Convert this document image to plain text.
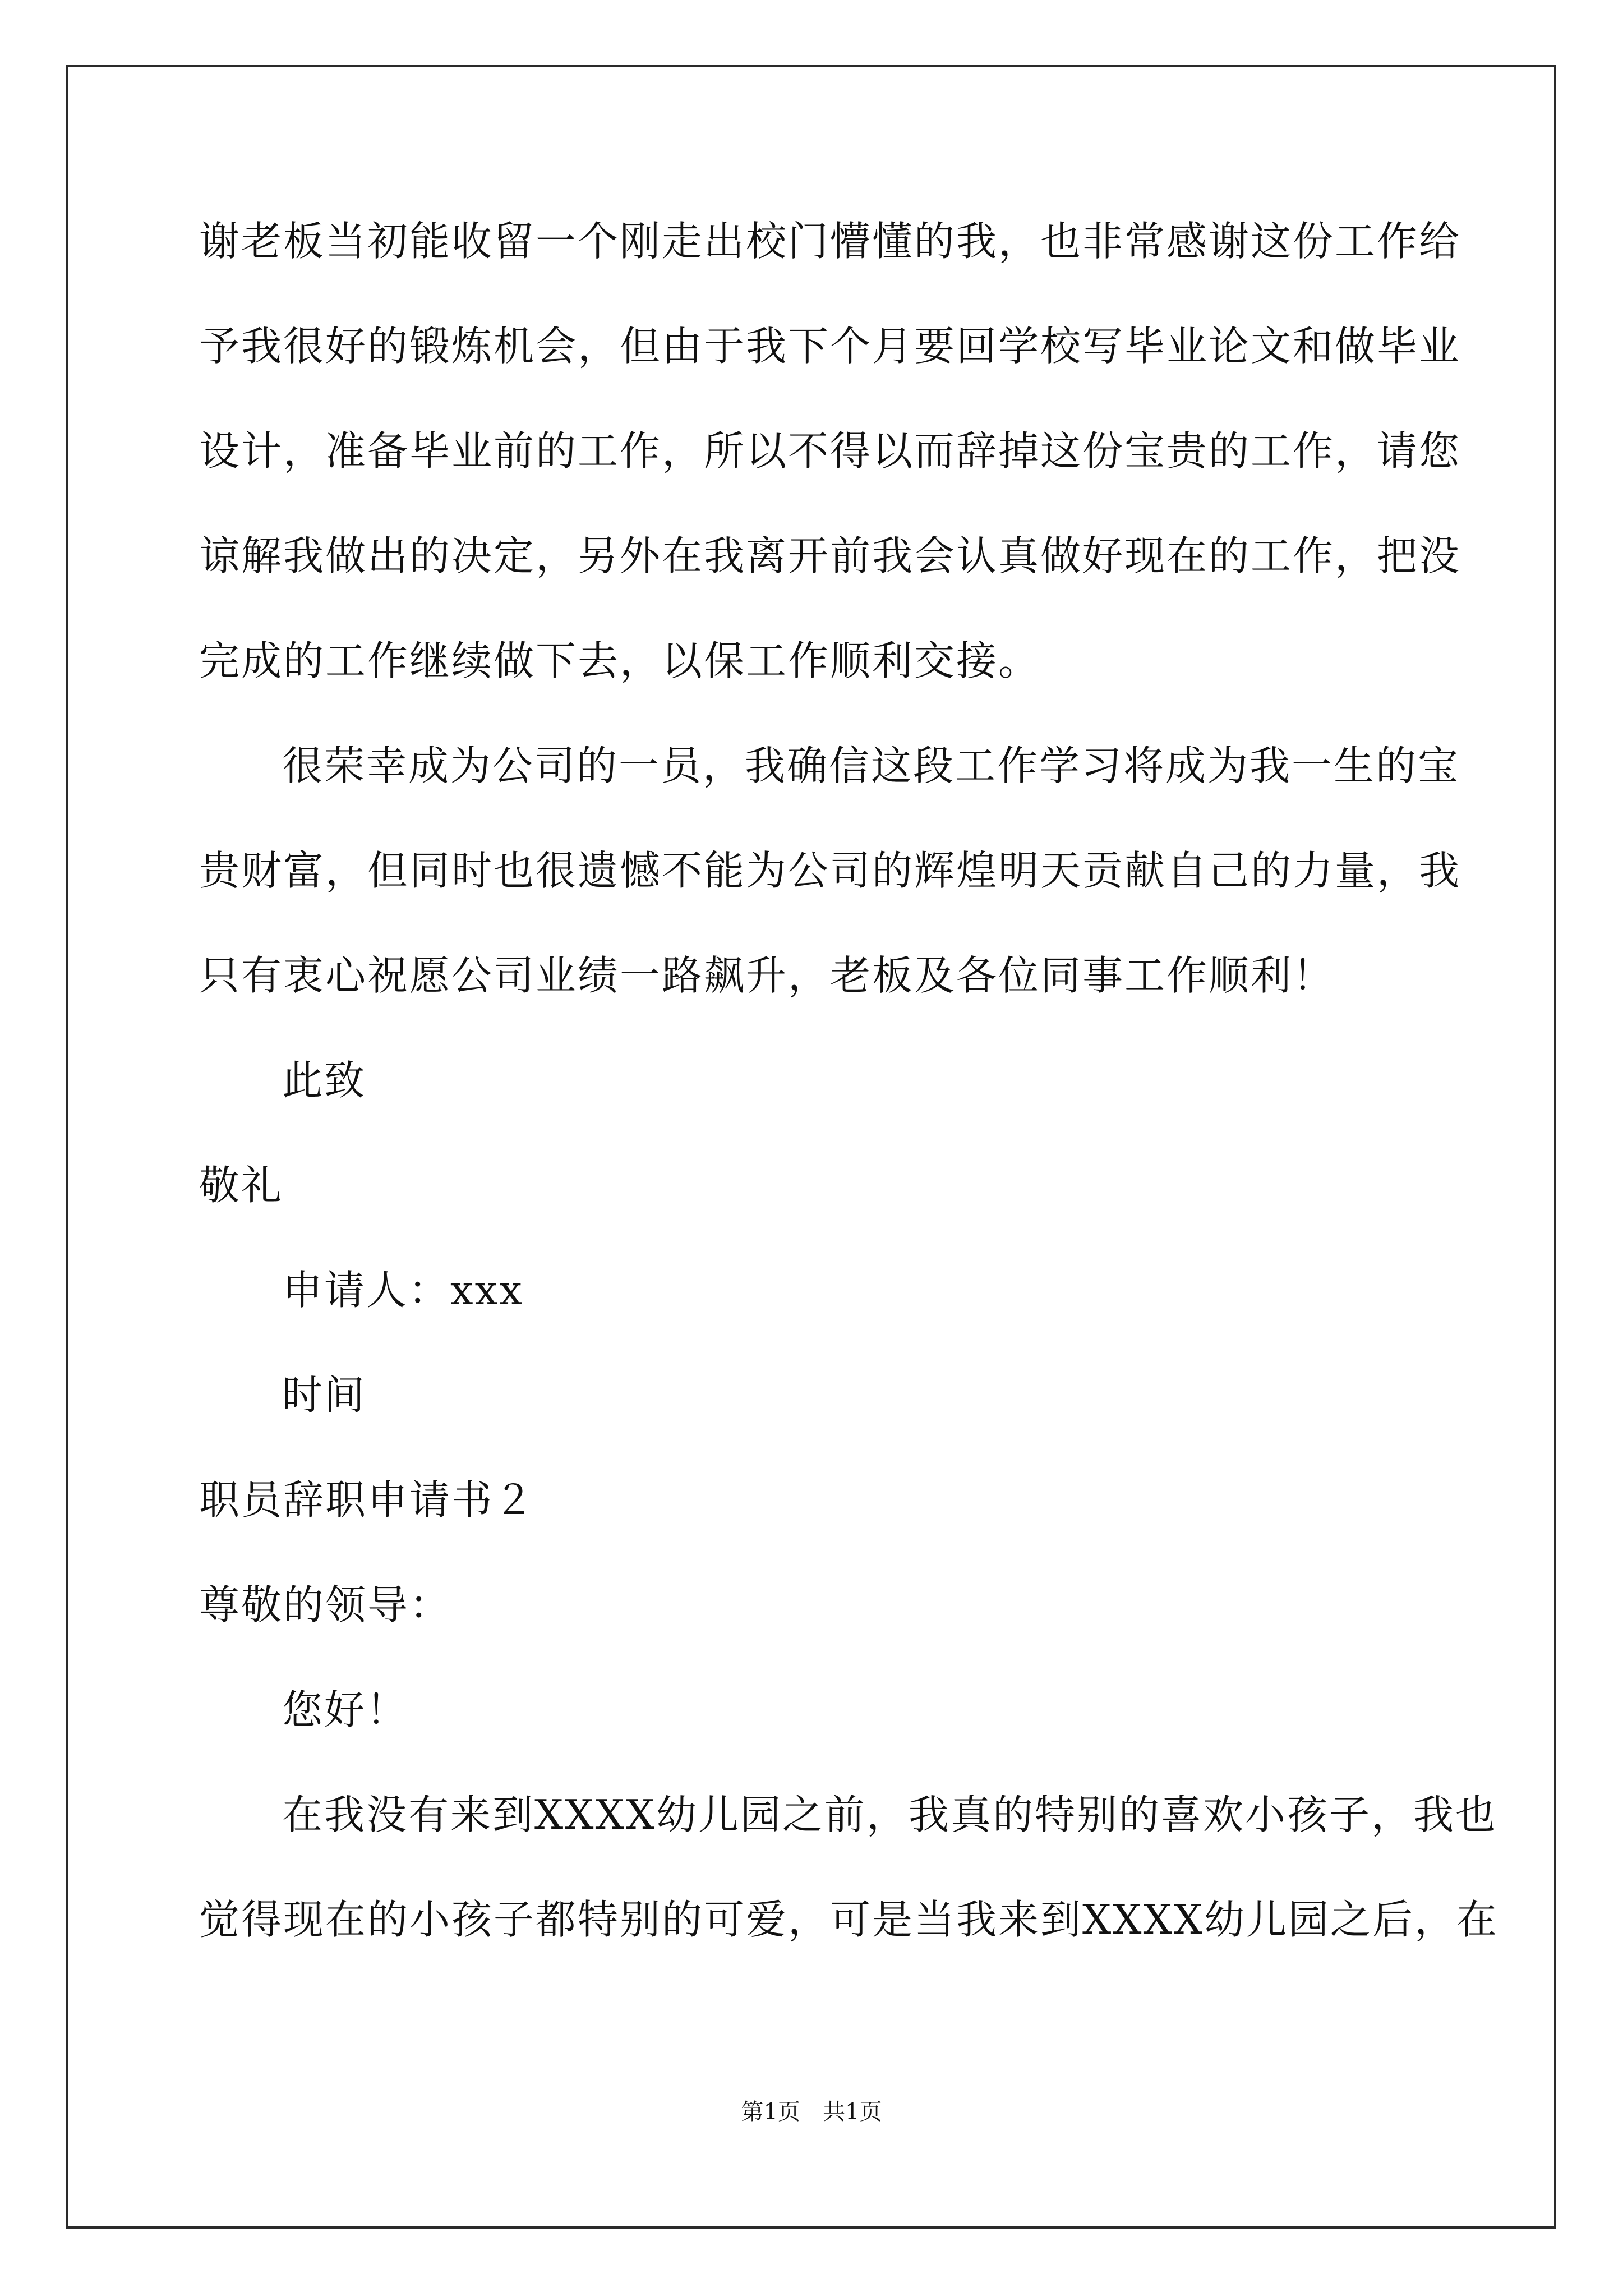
谢老板当初能收留一个刚走出校门懵懂的我，也非常感谢这份工作给
予我很好的锻炼机会，但由于我下个月要回学校写毕业论文和做毕业
设计，准备毕业前的工作，所以不得以而辞掉这份宝贵的工作，请您
谅解我做出的决定，另外在我离开前我会认真做好现在的工作，把没
完成的工作继续做下去，以保工作顺利交接。
很荣幸成为公司的一员，我确信这段工作学习将成为我一生的宝
贵财富，但同时也很遗憾不能为公司的辉煌明天贡献自己的力量，我
只有衷心祝愿公司业绩一路飙升，老板及各位同事工作顺利！
此致
敬礼
申请人：xxx
时间
职员辞职申请书２
尊敬的领导：
您好！
在我没有来到XXXX幼儿园之前，我真的特别的喜欢小孩子，我也
觉得现在的小孩子都特别的可爱，可是当我来到XXXX幼儿园之后，在
第1页　共1页
